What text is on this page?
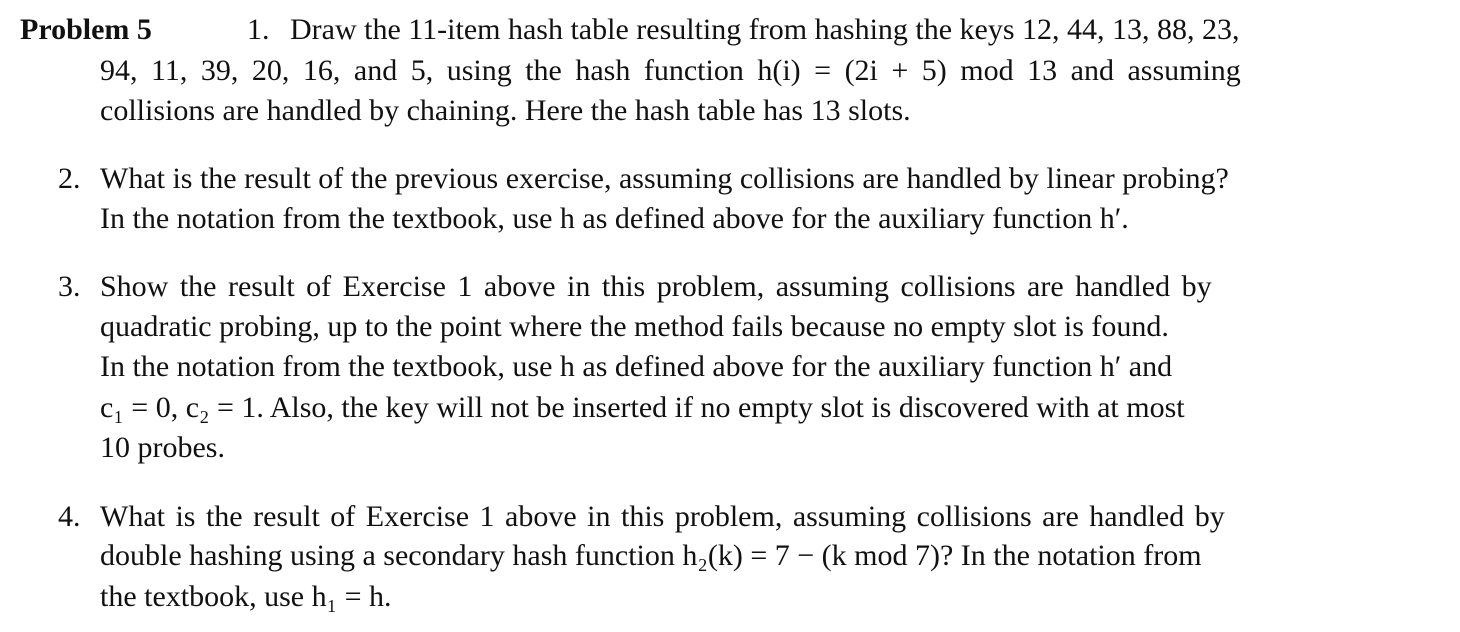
Problem 5	1. Draw the 11-item hash table resulting from hashing the keys 12, 44, 13, 88, 23,
94, 11, 39, 20, 16, and 5, using the hash function h(i) = (2i + 5) mod 13 and assuming
collisions are handled by chaining. Here the hash table has 13 slots.
2. What is the result of the previous exercise, assuming collisions are handled by linear probing?
In the notation from the textbook, use h as defined above for the auxiliary function h′.
3. Show the result of Exercise 1 above in this problem, assuming collisions are handled by
quadratic probing, up to the point where the method fails because no empty slot is found.
In the notation from the textbook, use h as defined above for the auxiliary function h′ and
c₁ = 0, c₂ = 1. Also, the key will not be inserted if no empty slot is discovered with at most
10 probes.
4. What is the result of Exercise 1 above in this problem, assuming collisions are handled by
double hashing using a secondary hash function h₂(k) = 7 − (k mod 7)? In the notation from
the textbook, use h₁ = h.
